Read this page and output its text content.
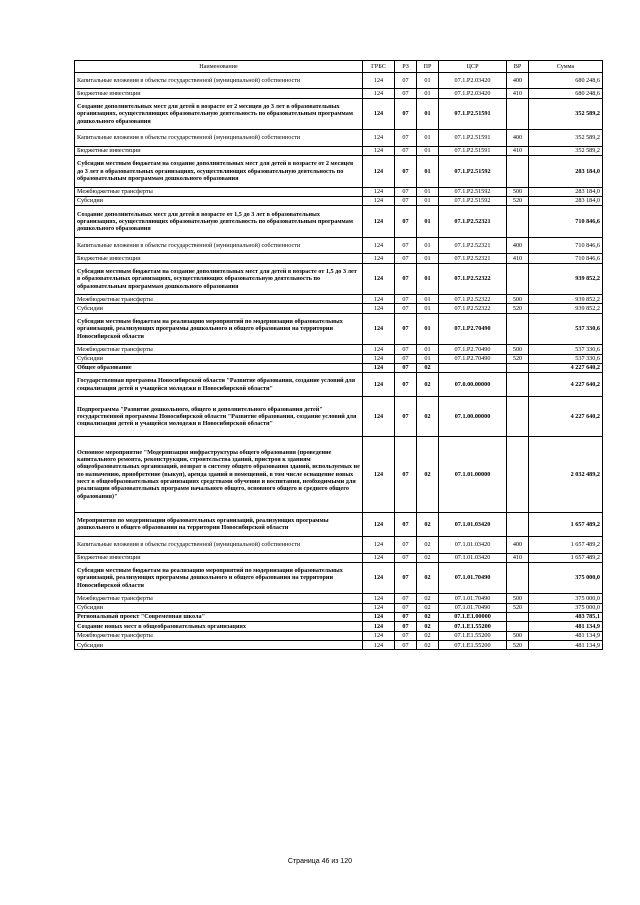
Наименование	ГРБС	РЗ	ПР	ЦСР	ВР	Сумма
Капитальные вложения в объекты государственной (муниципальной) собственности	124	07	01	07.1.P2.03420	400	680 248,6
Бюджетные инвестиции	124	07	01	07.1.P2.03420	410	680 248,6
Создание дополнительных мест для детей в возрасте от 2 месяцев до 3 лет в образовательных организациях, осуществляющих образовательную деятельность по образовательным программам дошкольного образования	124	07	01	07.1.P2.51591		352 589,2
Капитальные вложения в объекты государственной (муниципальной) собственности	124	07	01	07.1.P2.51591	400	352 589,2
Бюджетные инвестиции	124	07	01	07.1.P2.51591	410	352 589,2
Субсидии местным бюджетам на создание дополнительных мест для детей в возрасте от 2 месяцев до 3 лет в образовательных организациях, осуществляющих образовательную деятельность по образовательным программам дошкольного образования	124	07	01	07.1.P2.51592		283 184,0
Межбюджетные трансферты	124	07	01	07.1.P2.51592	500	283 184,0
Субсидии	124	07	01	07.1.P2.51592	520	283 184,0
Создание дополнительных мест для детей в возрасте от 1,5 до 3 лет в образовательных организациях, осуществляющих образовательную деятельность по образовательным программам дошкольного образования	124	07	01	07.1.P2.52321		710 846,6
Капитальные вложения в объекты государственной (муниципальной) собственности	124	07	01	07.1.P2.52321	400	710 846,6
Бюджетные инвестиции	124	07	01	07.1.P2.52321	410	710 846,6
Субсидии местным бюджетам на создание дополнительных мест для детей в возрасте от 1,5 до 3 лет в образовательных организациях, осуществляющих образовательную деятельность по образовательным программам дошкольного образования	124	07	01	07.1.P2.52322		939 852,2
Межбюджетные трансферты	124	07	01	07.1.P2.52322	500	939 852,2
Субсидии	124	07	01	07.1.P2.52322	520	939 852,2
Субсидии местным бюджетам на реализацию мероприятий по модернизации образовательных организаций, реализующих программы дошкольного и общего образования на территории Новосибирской области	124	07	01	07.1.P2.70490		537 330,6
Межбюджетные трансферты	124	07	01	07.1.P2.70490	500	537 330,6
Субсидии	124	07	01	07.1.P2.70490	520	537 330,6
Общее образование	124	07	02			4 227 640,2
Государственная программа Новосибирской области "Развитие образования, создание условий для социализации детей и учащейся молодежи в Новосибирской области"	124	07	02	07.0.00.00000		4 227 640,2
Подпрограмма "Развитие дошкольного, общего и дополнительного образования детей" государственной программы Новосибирской области "Развитие образования, создание условий для социализации детей и учащейся молодежи в Новосибирской области"	124	07	02	07.1.00.00000		4 227 640,2
Основное мероприятие "Модернизация инфраструктуры общего образования (проведение капитального ремонта, реконструкции, строительства зданий, пристроя к зданиям общеобразовательных организаций, возврат в систему общего образования зданий, используемых не по назначению, приобретение (выкуп), аренда зданий и помещений, в том числе оснащение новых мест в общеобразовательных организациях средствами обучения и воспитания, необходимыми для реализации образовательных программ начального общего, основного общего и среднего общего образования)"	124	07	02	07.1.01.00000		2 032 489,2
Мероприятия по модернизации образовательных организаций, реализующих программы дошкольного и общего образования на территории Новосибирской области	124	07	02	07.1.01.03420		1 657 489,2
Капитальные вложения в объекты государственной (муниципальной) собственности	124	07	02	07.1.01.03420	400	1 657 489,2
Бюджетные инвестиции	124	07	02	07.1.01.03420	410	1 657 489,2
Субсидии местным бюджетам на реализацию мероприятий по модернизации образовательных организаций, реализующих программы дошкольного и общего образования на территории Новосибирской области	124	07	02	07.1.01.70490		375 000,0
Межбюджетные трансферты	124	07	02	07.1.01.70490	500	375 000,0
Субсидии	124	07	02	07.1.01.70490	520	375 000,0
Региональный проект "Современная школа"	124	07	02	07.1.E1.00000		483 785,1
Создание новых мест в общеобразовательных организациях	124	07	02	07.1.E1.55200		481 134,9
Межбюджетные трансферты	124	07	02	07.1.E1.55200	500	481 134,9
Субсидии	124	07	02	07.1.E1.55200	520	481 134,9
Страница 46 из 120
